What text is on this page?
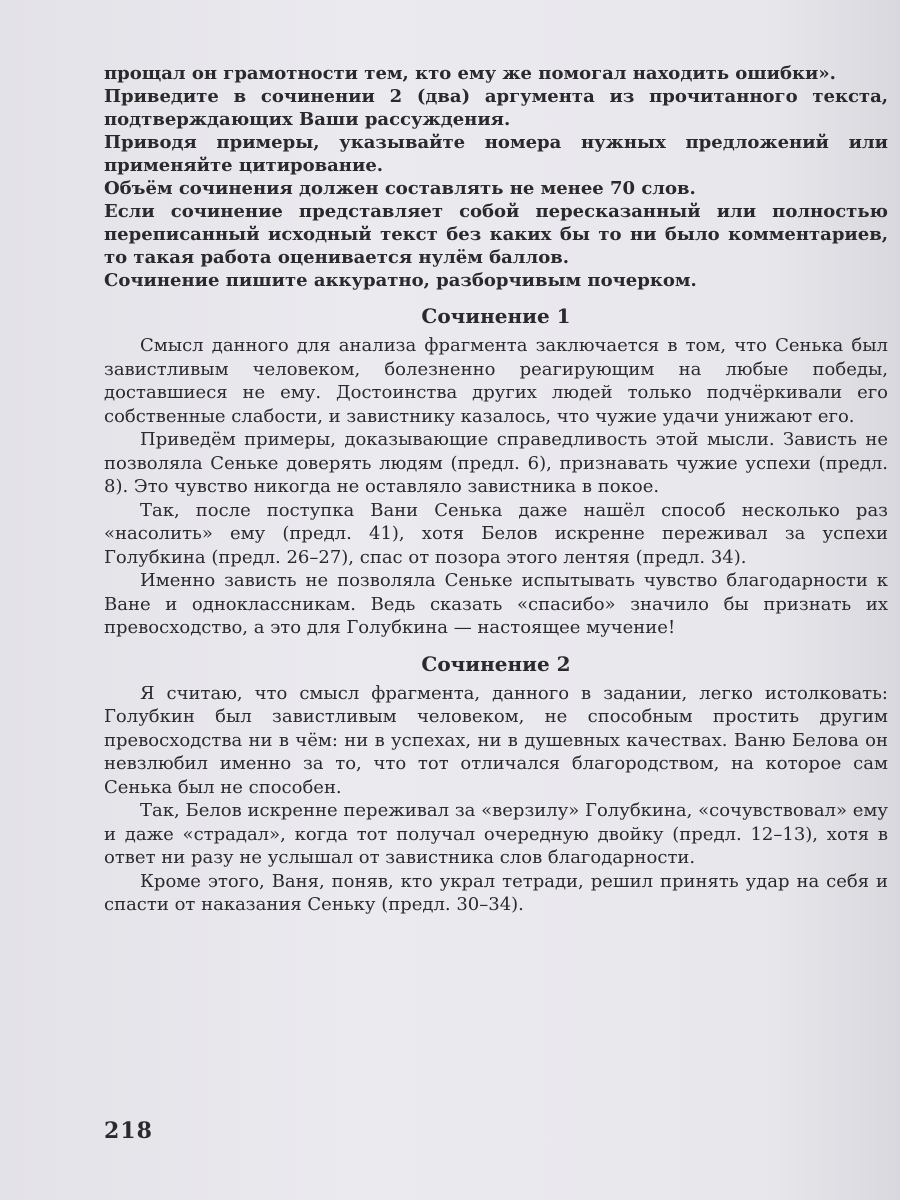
прощал он грамотности тем, кто ему же помогал находить ошибки».

Приведите в сочинении 2 (два) аргумента из прочитанного текста, подтверждающих Ваши рассуждения.

Приводя примеры, указывайте номера нужных предложений или применяйте цитирование.

Объём сочинения должен составлять не менее 70 слов.

Если сочинение представляет собой пересказанный или полностью переписанный исходный текст без каких бы то ни было комментариев, то такая работа оценивается нулём баллов.

Сочинение пишите аккуратно, разборчивым почерком.

Сочинение 1

Смысл данного для анализа фрагмента заключается в том, что Сенька был завистливым человеком, болезненно реагирующим на любые победы, доставшиеся не ему. Достоинства других людей только подчёркивали его собственные слабости, и завистнику казалось, что чужие удачи унижают его.

Приведём примеры, доказывающие справедливость этой мысли. Зависть не позволяла Сеньке доверять людям (предл. 6), признавать чужие успехи (предл. 8). Это чувство никогда не оставляло завистника в покое.

Так, после поступка Вани Сенька даже нашёл способ несколько раз «насолить» ему (предл. 41), хотя Белов искренне переживал за успехи Голубкина (предл. 26–27), спас от позора этого лентяя (предл. 34).

Именно зависть не позволяла Сеньке испытывать чувство благодарности к Ване и одноклассникам. Ведь сказать «спасибо» значило бы признать их превосходство, а это для Голубкина — настоящее мучение!

Сочинение 2

Я считаю, что смысл фрагмента, данного в задании, легко истолковать: Голубкин был завистливым человеком, не способным простить другим превосходства ни в чём: ни в успехах, ни в душевных качествах. Ваню Белова он невзлюбил именно за то, что тот отличался благородством, на которое сам Сенька был не способен.

Так, Белов искренне переживал за «верзилу» Голубкина, «сочувствовал» ему и даже «страдал», когда тот получал очередную двойку (предл. 12–13), хотя в ответ ни разу не услышал от завистника слов благодарности.

Кроме этого, Ваня, поняв, кто украл тетради, решил принять удар на себя и спасти от наказания Сеньку (предл. 30–34).

218
